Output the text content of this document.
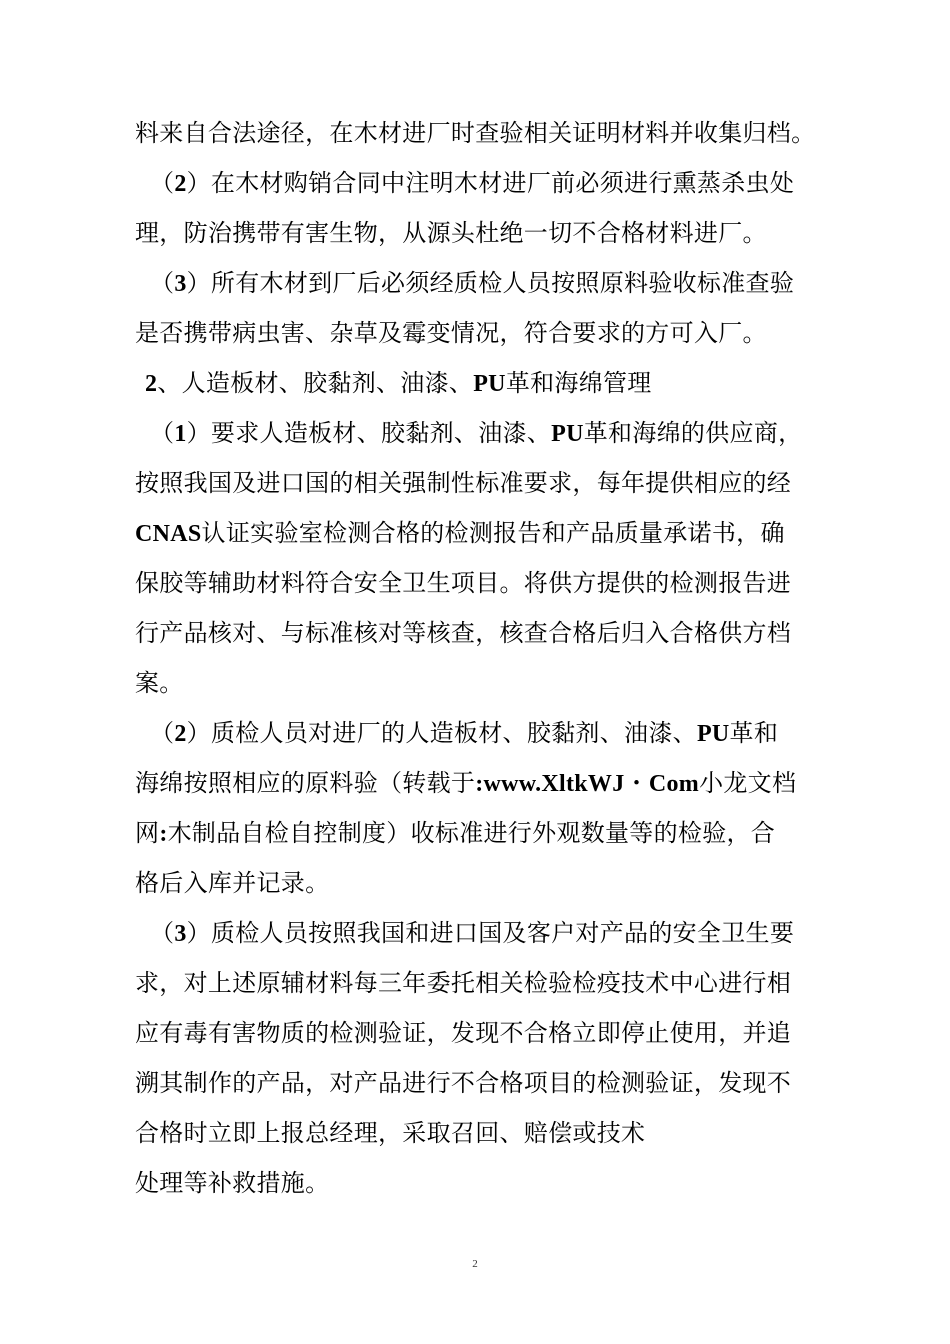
料来自合法途径，在木材进厂时查验相关证明材料并收集归档。
（2）在木材购销合同中注明木材进厂前必须进行熏蒸杀虫处
理，防治携带有害生物，从源头杜绝一切不合格材料进厂。
（3）所有木材到厂后必须经质检人员按照原料验收标准查验
是否携带病虫害、杂草及霉变情况，符合要求的方可入厂。
2、人造板材、胶黏剂、油漆、PU革和海绵管理
（1）要求人造板材、胶黏剂、油漆、PU革和海绵的供应商，
按照我国及进口国的相关强制性标准要求，每年提供相应的经
CNAS认证实验室检测合格的检测报告和产品质量承诺书，确
保胶等辅助材料符合安全卫生项目。将供方提供的检测报告进
行产品核对、与标准核对等核查，核查合格后归入合格供方档
案。
（2）质检人员对进厂的人造板材、胶黏剂、油漆、PU革和
海绵按照相应的原料验（转载于:www.XltkWJ・Com小龙文档
网:木制品自检自控制度）收标准进行外观数量等的检验，合
格后入库并记录。
（3）质检人员按照我国和进口国及客户对产品的安全卫生要
求，对上述原辅材料每三年委托相关检验检疫技术中心进行相
应有毒有害物质的检测验证，发现不合格立即停止使用，并追
溯其制作的产品，对产品进行不合格项目的检测验证，发现不
合格时立即上报总经理，采取召回、赔偿或技术
处理等补救措施。
2
